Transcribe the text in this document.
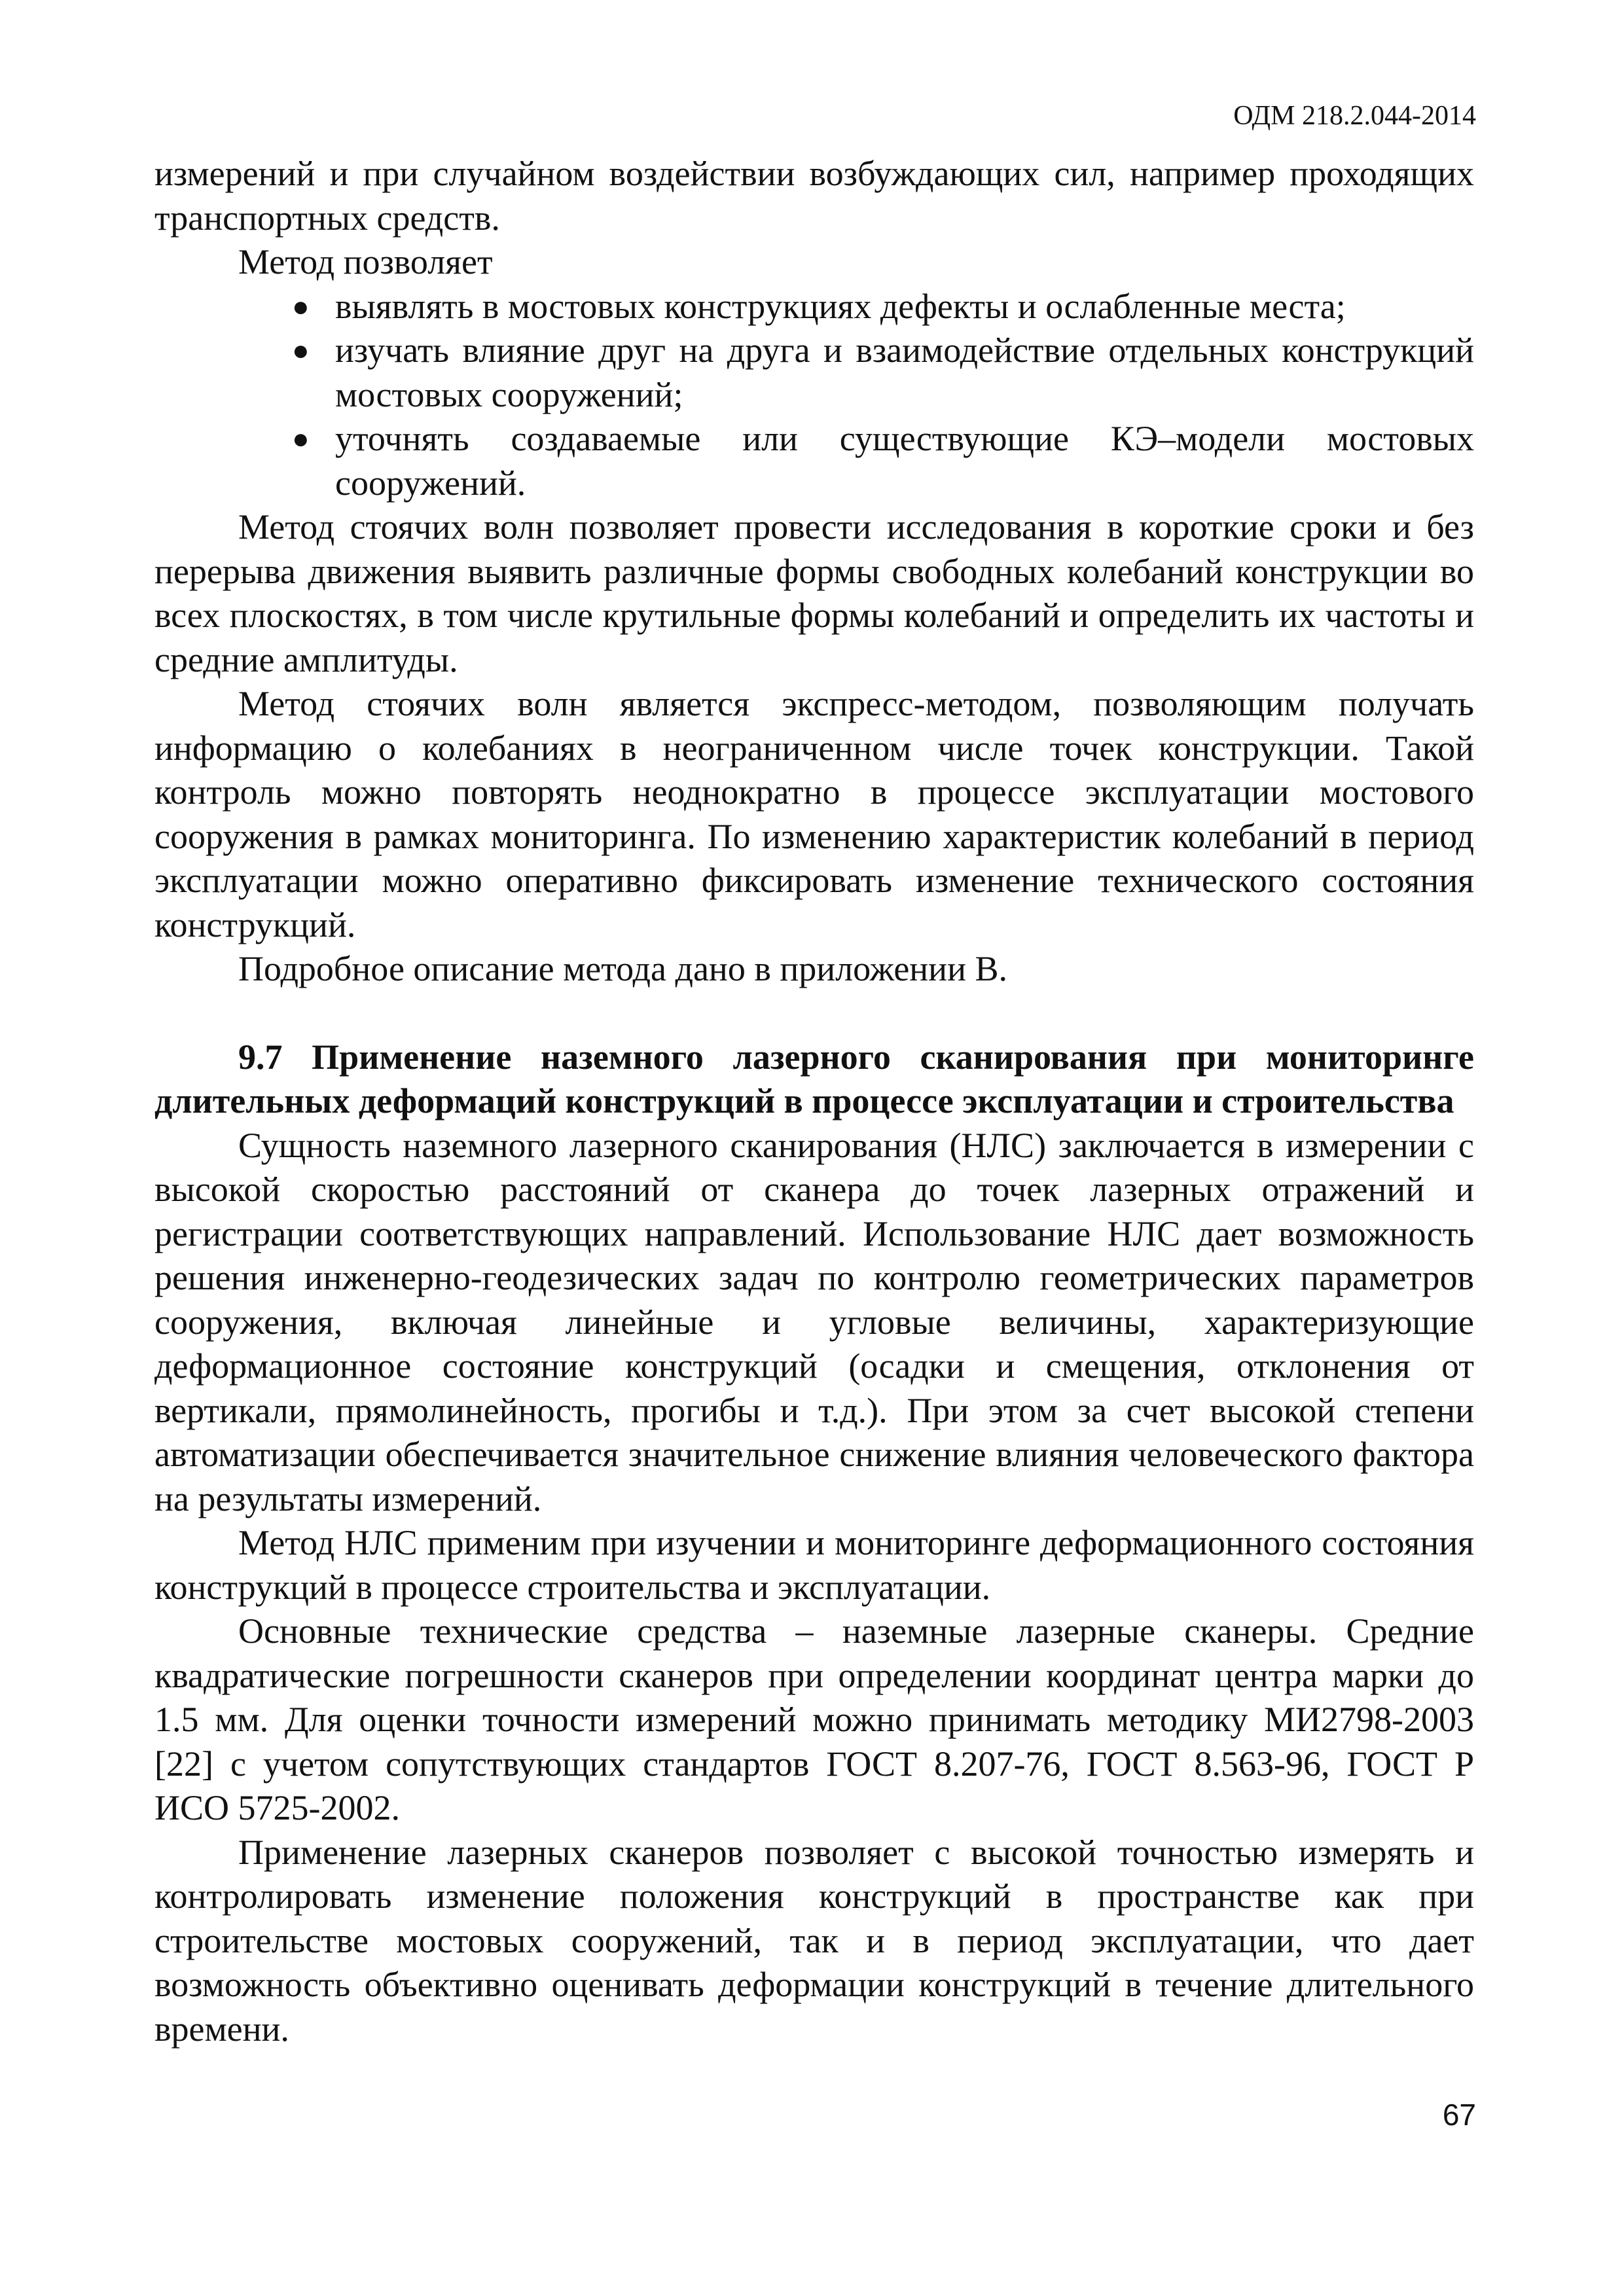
ОДМ 218.2.044-2014

измерений и при случайном воздействии возбуждающих сил, например проходящих транспортных средств.

Метод позволяет

● выявлять в мостовых конструкциях дефекты и ослабленные места;
● изучать влияние друг на друга и взаимодействие отдельных конструкций мостовых сооружений;
● уточнять создаваемые или существующие КЭ–модели мостовых сооружений.

Метод стоячих волн позволяет провести исследования в короткие сроки и без перерыва движения выявить различные формы свободных колебаний конструкции во всех плоскостях, в том числе крутильные формы колебаний и определить их частоты и средние амплитуды.

Метод стоячих волн является экспресс-методом, позволяющим получать информацию о колебаниях в неограниченном числе точек конструкции. Такой контроль можно повторять неоднократно в процессе эксплуатации мостового сооружения в рамках мониторинга. По изменению характеристик колебаний в период эксплуатации можно оперативно фиксировать изменение технического состояния конструкций.

Подробное описание метода дано в приложении В.

9.7 Применение наземного лазерного сканирования при мониторинге длительных деформаций конструкций в процессе эксплуатации и строительства

Сущность наземного лазерного сканирования (НЛС) заключается в измерении с высокой скоростью расстояний от сканера до точек лазерных отражений и регистрации соответствующих направлений. Использование НЛС дает возможность решения инженерно-геодезических задач по контролю геометрических параметров сооружения, включая линейные и угловые величины, характеризующие деформационное состояние конструкций (осадки и смещения, отклонения от вертикали, прямолинейность, прогибы и т.д.). При этом за счет высокой степени автоматизации обеспечивается значительное снижение влияния человеческого фактора на результаты измерений.

Метод НЛС применим при изучении и мониторинге деформационного состояния конструкций в процессе строительства и эксплуатации.

Основные технические средства – наземные лазерные сканеры. Средние квадратические погрешности сканеров при определении координат центра марки до 1.5 мм. Для оценки точности измерений можно принимать методику МИ2798-2003 [22] с учетом сопутствующих стандартов ГОСТ 8.207-76, ГОСТ 8.563-96, ГОСТ Р ИСО 5725-2002.

Применение лазерных сканеров позволяет с высокой точностью измерять и контролировать изменение положения конструкций в пространстве как при строительстве мостовых сооружений, так и в период эксплуатации, что дает возможность объективно оценивать деформации конструкций в течение длительного времени.

67
